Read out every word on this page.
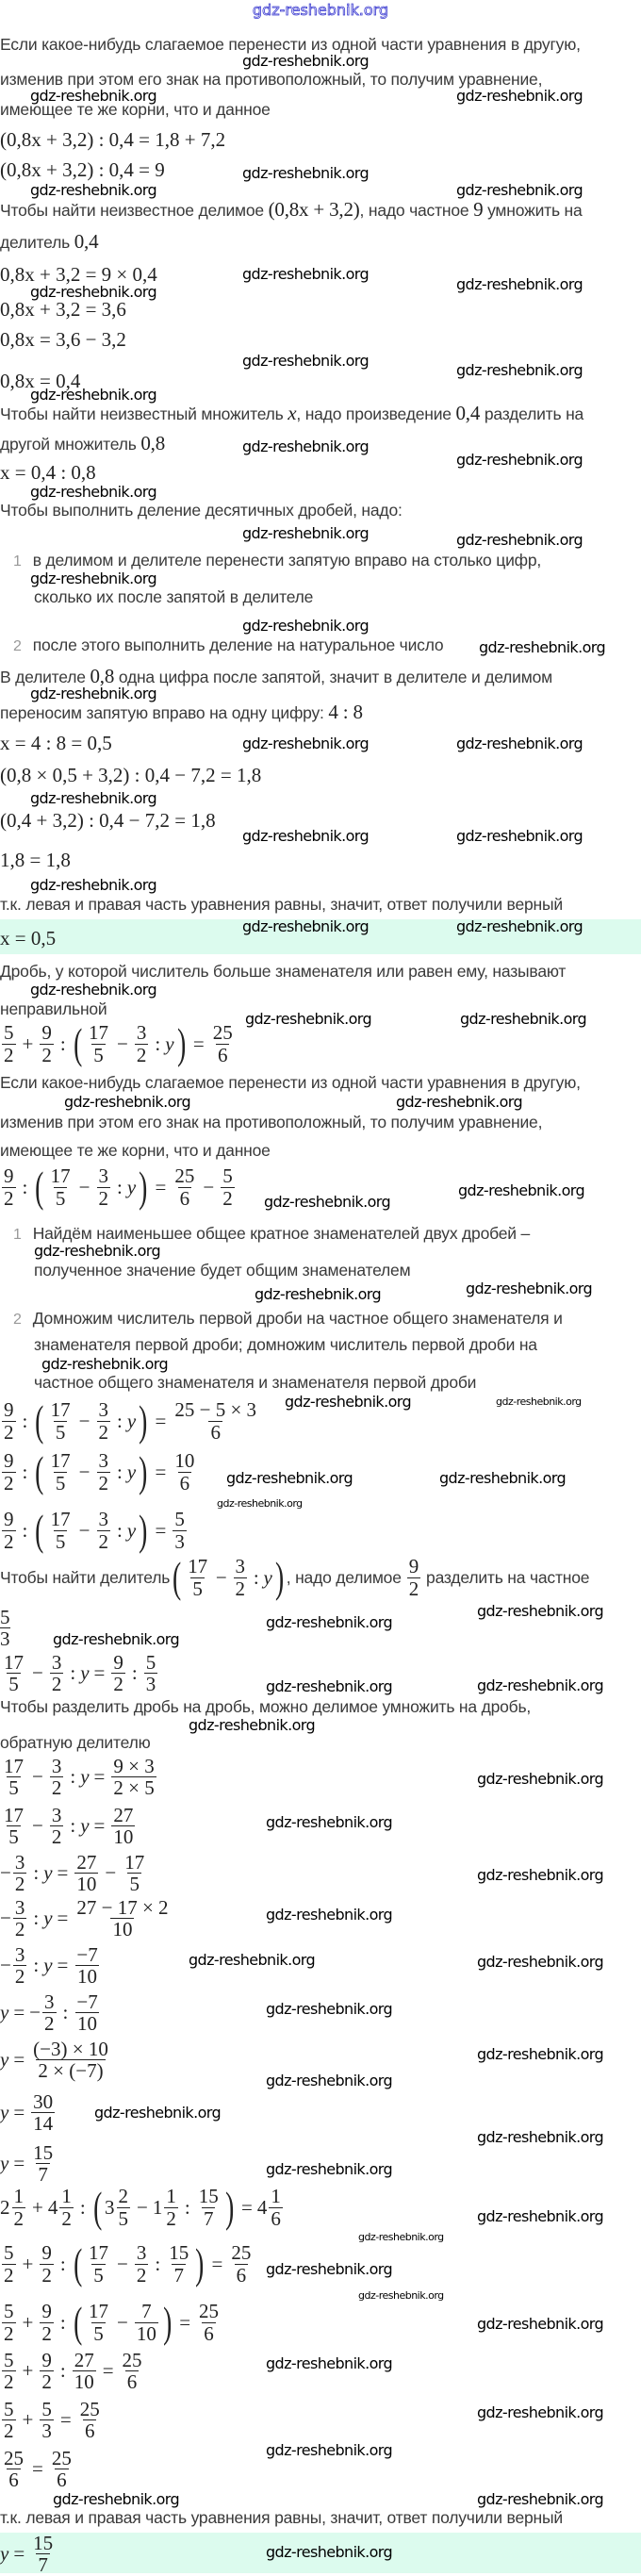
gdz-reshebnik.org
Если какое-нибудь слагаемое перенести из одной части уравнения в другую,
изменив при этом его знак на противоположный, то получим уравнение,
имеющее те же корни, что и данное
(0,8x + 3,2) : 0,4 = 1,8 + 7,2
(0,8x + 3,2) : 0,4 = 9
Чтобы найти неизвестное делимое (0,8x + 3,2), надо частное 9 умножить на
делитель 0,4
0,8x + 3,2 = 9 × 0,4
0,8x + 3,2 = 3,6
0,8x = 3,6 − 3,2
0,8x = 0,4
Чтобы найти неизвестный множитель x, надо произведение 0,4 разделить на
другой множитель 0,8
x = 0,4 : 0,8
Чтобы выполнить деление десятичных дробей, надо:
1 в делимом и делителе перенести запятую вправо на столько цифр,
сколько их после запятой в делителе
2 после этого выполнить деление на натуральное число
В делителе 0,8 одна цифра после запятой, значит в делителе и делимом
переносим запятую вправо на одну цифру: 4 : 8
x = 4 : 8 = 0,5
(0,8 × 0,5 + 3,2) : 0,4 − 7,2 = 1,8
(0,4 + 3,2) : 0,4 − 7,2 = 1,8
1,8 = 1,8
т.к. левая и правая часть уравнения равны, значит, ответ получили верный
x = 0,5
Дробь, у которой числитель больше знаменателя или равен ему, называют
неправильной
$\frac{5}{2} + \frac{9}{2}$ : ( $\frac{17}{5} - \frac{3}{2}$ : y ) = $\frac{25}{6}$
Если какое-нибудь слагаемое перенести из одной части уравнения в другую,
изменив при этом его знак на противоположный, то получим уравнение,
имеющее те же корни, что и данное
$\frac{9}{2}$ : ( $\frac{17}{5} - \frac{3}{2}$ : y ) = $\frac{25}{6} - \frac{5}{2}$
1 Найдём наименьшее общее кратное знаменателей двух дробей –
полученное значение будет общим знаменателем
2 Домножим числитель первой дроби на частное общего знаменателя и
знаменателя первой дроби; домножим числитель первой дроби на
частное общего знаменателя и знаменателя первой дроби
$\frac{9}{2}$ : ( $\frac{17}{5} - \frac{3}{2}$ : y ) = $\frac{25 - 5 \times 3}{6}$
$\frac{9}{2}$ : ( $\frac{17}{5} - \frac{3}{2}$ : y ) = $\frac{10}{6}$
$\frac{9}{2}$ : ( $\frac{17}{5} - \frac{3}{2}$ : y ) = $\frac{5}{3}$
Чтобы найти делитель ( $\frac{17}{5} - \frac{3}{2}$ : y ) , надо делимое $\frac{9}{2}$ разделить на частное
5
3
$\frac{17}{5} - \frac{3}{2}$ : $y = \frac{9}{2}$ : $\frac{5}{3}$
Чтобы разделить дробь на дробь, можно делимое умножить на дробь,
обратную делителю
$\frac{17}{5} - \frac{3}{2}$ : $y = \frac{9 \times 3}{2 \times 5}$
$\frac{17}{5} - \frac{3}{2}$ : $y = \frac{27}{10}$
− $\frac{3}{2}$ : $y = \frac{27}{10} - \frac{17}{5}$
− $\frac{3}{2}$ : $y = \frac{27 - 17 \times 2}{10}$
− $\frac{3}{2}$ : $y = \frac{-7}{10}$
y = − $\frac{3}{2}$ : $\frac{-7}{10}$
$y = \frac{(-3) \times 10}{2 \times (-7)}$
$y = \frac{30}{14}$
$y = \frac{15}{7}$
$2 \frac{1}{2} + 4 \frac{1}{2}$ : ( $3 \frac{2}{5} - 1 \frac{1}{2}$ : $\frac{15}{7}$ ) = $4 \frac{1}{6}$
$\frac{5}{2} + \frac{9}{2}$ : ( $\frac{17}{5} - \frac{3}{2}$ : $\frac{15}{7}$ ) = $\frac{25}{6}$
$\frac{5}{2} + \frac{9}{2}$ : ( $\frac{17}{5} - \frac{7}{10}$ ) = $\frac{25}{6}$
$\frac{5}{2} + \frac{9}{2}$ : $\frac{27}{10} = \frac{25}{6}$
$\frac{5}{2} + \frac{5}{3} = \frac{25}{6}$
$\frac{25}{6} = \frac{25}{6}$
т.к. левая и правая часть уравнения равны, значит, ответ получили верный
$y = \frac{15}{7}$
gdz-reshebnik.org
gdz-reshebnik.org	gdz-reshebnik.org
gdz-reshebnik.org
gdz-reshebnik.org	gdz-reshebnik.org
gdz-reshebnik.org
gdz-reshebnik.org
gdz-reshebnik.org
gdz-reshebnik.org
gdz-reshebnik.org
gdz-reshebnik.org
gdz-reshebnik.org
gdz-reshebnik.org
gdz-reshebnik.org
gdz-reshebnik.org	gdz-reshebnik.org
gdz-reshebnik.org
gdz-reshebnik.org
gdz-reshebnik.org
gdz-reshebnik.org
gdz-reshebnik.org	gdz-reshebnik.org
gdz-reshebnik.org
gdz-reshebnik.org	gdz-reshebnik.org
gdz-reshebnik.org
gdz-reshebnik.org	gdz-reshebnik.org
gdz-reshebnik.org
gdz-reshebnik.org	gdz-reshebnik.org
gdz-reshebnik.org	gdz-reshebnik.org
gdz-reshebnik.org
gdz-reshebnik.org
gdz-reshebnik.org
gdz-reshebnik.org	gdz-reshebnik.org
gdz-reshebnik.org
gdz-reshebnik.org	gdz-reshebnik.org
gdz-reshebnik.org	gdz-reshebnik.org
gdz-reshebnik.org
gdz-reshebnik.org
gdz-reshebnik.org
gdz-reshebnik.org
gdz-reshebnik.org
gdz-reshebnik.org
gdz-reshebnik.org
gdz-reshebnik.org
gdz-reshebnik.org
gdz-reshebnik.org
gdz-reshebnik.org
gdz-reshebnik.org	gdz-reshebnik.org
gdz-reshebnik.org
gdz-reshebnik.org
gdz-reshebnik.org
gdz-reshebnik.org
gdz-reshebnik.org
gdz-reshebnik.org
gdz-reshebnik.org
gdz-reshebnik.org
gdz-reshebnik.org
gdz-reshebnik.org
gdz-reshebnik.org
gdz-reshebnik.org
gdz-reshebnik.org
gdz-reshebnik.org
gdz-reshebnik.org	gdz-reshebnik.org
gdz-reshebnik.org
